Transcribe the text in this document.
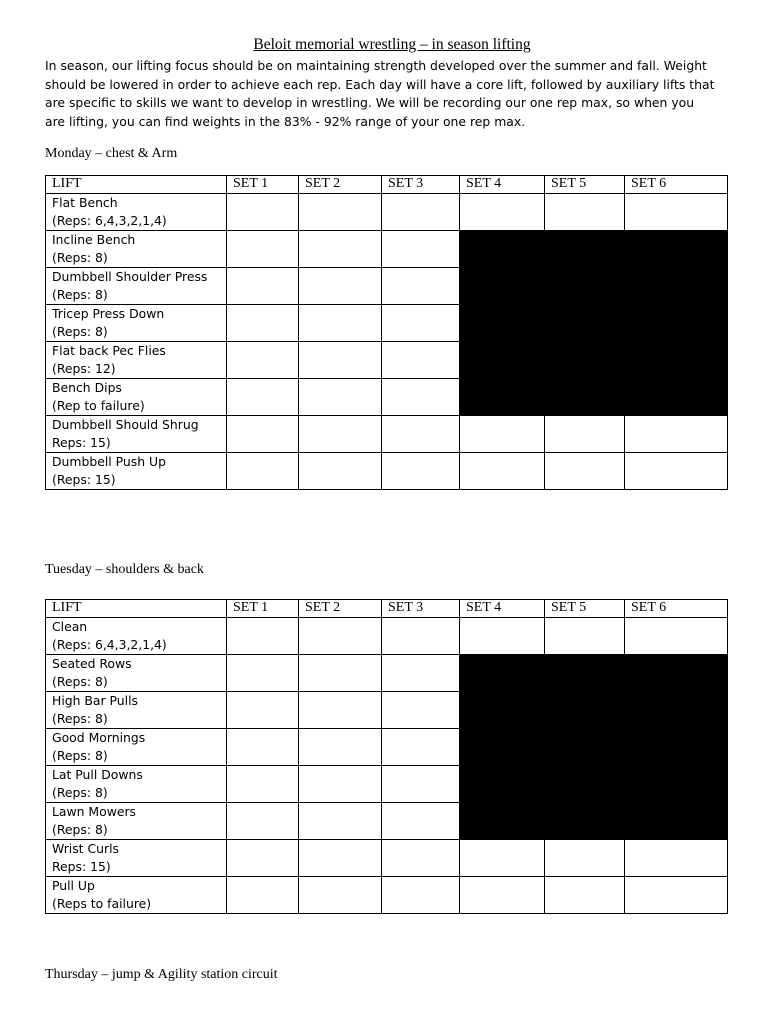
Beloit memorial wrestling – in season lifting

In season, our lifting focus should be on maintaining strength developed over the summer and fall. Weight
should be lowered in order to achieve each rep. Each day will have a core lift, followed by auxiliary lifts that
are specific to skills we want to develop in wrestling. We will be recording our one rep max, so when you
are lifting, you can find weights in the 83% - 92% range of your one rep max.

Monday – chest & Arm
LIFT	SET 1	SET 2	SET 3	SET 4	SET 5	SET 6

Flat Bench
(Reps: 6,4,3,2,1,4)						

Incline Bench
(Reps: 8)						

Dumbbell Shoulder Press
(Reps: 8)						

Tricep Press Down
(Reps: 8)						

Flat back Pec Flies
(Reps: 12)						

Bench Dips
(Rep to failure)						

Dumbbell Should Shrug
Reps: 15)						

Dumbbell Push Up
(Reps: 15)						

Tuesday – shoulders & back
LIFT	SET 1	SET 2	SET 3	SET 4	SET 5	SET 6

Clean
(Reps: 6,4,3,2,1,4)						

Seated Rows
(Reps: 8)						

High Bar Pulls
(Reps: 8)						

Good Mornings
(Reps: 8)						

Lat Pull Downs
(Reps: 8)						

Lawn Mowers
(Reps: 8)						

Wrist Curls
Reps: 15)						

Pull Up
(Reps to failure)						

Thursday – jump & Agility station circuit
